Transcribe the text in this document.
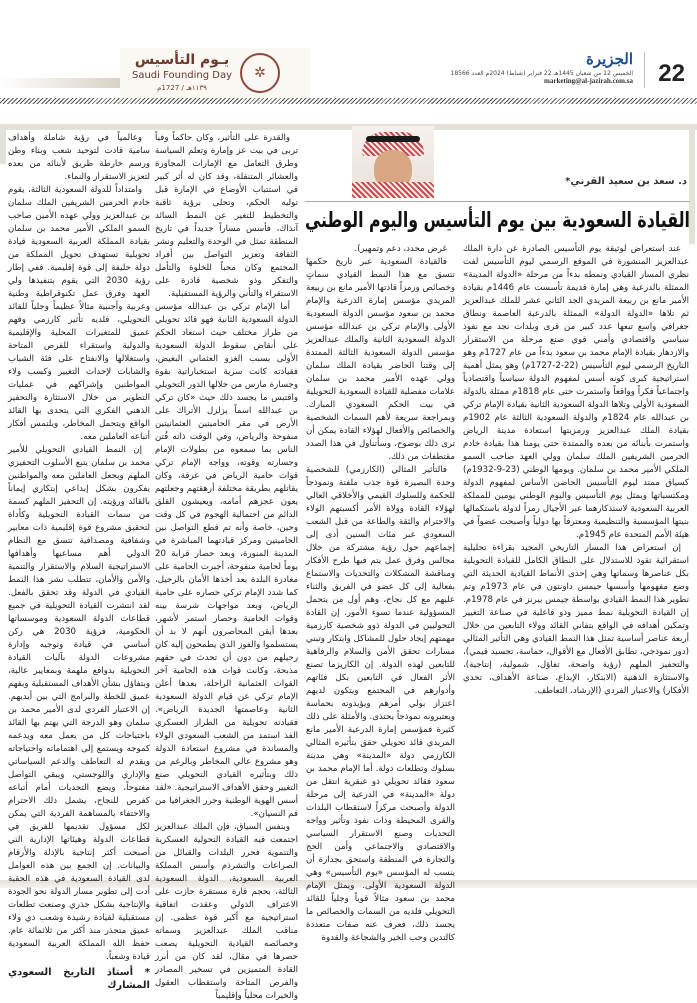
22
الجزيرة
الخميس 12 من شعبان 1445هـ 22 فبراير (شباط) 2024م العدد 18566
marketing@al-jazirah.com.sa
يـوم التأسيس
Saudi Founding Day
١١٣٩هـ / 1727م
✲
د. سعد بن سعيد القرني*
القيادة السعودية بين يوم التأسيس واليوم الوطني

عند استعراض لوثيقة يوم التأسيس الصادرة عن دارة الملك عبدالعزيز المنشورة في الموقع الرسمي ليوم التأسيس لفت نظري المسار القيادي ونمطه بدءاً من مرحلة «الدولة المدينة» الممثلة بالدرعية وهي إمارة قديمة تأسست عام 1446م بقيادة الأمير مانع بن ربيعة المريدي الجد الثاني عشر للملك عبدالعزيز ثم تلاها «الدولة الدولة» الممثلة بالدرعية العاصمة ونطاق جغرافي واسع تبعها عدد كبير من قرى وبلدات نجد مع نفوذ سياسي واقتصادي وأمني قوي صنع مرحلة من الاستقرار والازدهار بقيادة الإمام محمد بن سعود بدءاً من عام 1727م وهو التاريخ الرسمي ليوم التأسيس (22-2-1727م) وهو يمثل أهمية استراتيجية كبرى كونه أسس لمفهوم الدولة سياسياً واقتصادياً واجتماعياً فكراً وواقعاً واستمرت حتى عام 1818م ممثلة بالدولة السعودية الأولى وتلاها الدولة السعودية الثانية بقيادة الإمام تركي بن عبدالله عام 1824م والدولة السعودية الثالثة عام 1902م بقيادة الملك عبدالعزيز ورمزيتها استعادة مدينة الرياض واستمرت بأبنائه من بعده والممتدة حتى يومنا هذا بقيادة خادم الحرمين الشريفين الملك سلمان وولي العهد صاحب السمو الملكي الأمير محمد بن سلمان. ويومها الوطني (23-9-1932م) كسياق ممتد ليوم التأسيس الحاضن الأساس لمفهوم الدولة ومكتسباتها ويمثل يوم التأسيس واليوم الوطني يومين للمملكة العربية السعودية لاستذكارهما عبر الأجيال رمزاً لدولة باستكمالها بنيتها المؤسسية والتنظيمية ومعترفاً بها دولياً وأصبحت عضواً في هيئة الأمم المتحدة عام 1945م.

إن استعراض هذا المسار التاريخي المجيد بقراءة تحليلية استقرائية تقود للاستدلال على النطاق الكامل للقيادة التحويلية بكل عناصرها وسماتها وهي إحدى الأنماط القيادية الحديثة التي وضع مفهومها وأسسها جيمس داونتون في عام 1973م وتم تطوير هذا النمط القيادي بواسطة جيمس بيرنز في عام 1978م. إن القيادة التحويلية نمط مميز وذو فاعلية في صناعة التغيير وتمكين أهدافه في الواقع بتفاني القائد وولاء التابعين من خلال أربعة عناصر أساسية تمثل هذا النمط القيادي وهي التأثير المثالي (دور نموذجي، تطابق الأفعال مع الأقوال، حماسة، تجسيد قيمي)، والتحفيز الملهم (رؤية واضحة، تفاؤل، شمولية، إنتاجية)، والاستثارة الذهنية (الابتكار، الإبداع، صناعة الأهداف، تحدي الأفكار) والاعتبار الفردي (الإرشاد، التعاطف.

غرض محدد، دعم وتمهير).

فالقيادة السعودية عبر تاريخ حكمها تتسق مع هذا النمط القيادي سماتٍ وخصائص ورمزاً قادتها الأمير مانع بن ربيعة المريدي مؤسس إمارة الدرعية والإمام محمد بن سعود مؤسس الدولة السعودية الأولى والإمام تركي بن عبدالله مؤسس الدولة السعودية الثانية والملك عبدالعزيز مؤسس الدولة السعودية الثالثة الممتدة إلى وقتنا الحاضر بقيادة الملك سلمان وولي عهده الأمير محمد بن سلمان علامات مفصلية للقيادة السعودية التحويلية في بيت الحكم السعودي المبارك. وبمراجعة سريعة لأهم السمات الشخصية والخصائص والأفعال لهؤلاء القادة يمكن أن ترى ذلك بوضوح، وسأتناول في هذا الصدد مقتطفات من ذلك.

فالتأثير المثالي (الكارزمي) للشخصية وحدة البصيرة قوة جذب ملفتة ونموذجاً للحكمة وللسلوك القيمي والأخلاقي العالي لهؤلاء القادة وولاة الأمر أكسبتهم الولاء والاحترام والثقة والطاعة من قبل الشعب السعودي عبر مئات السنين أدى إلى إجماعهم حول رؤية مشتركة من خلال مجالس وفرق عمل يتم فيها طرح الأفكار ومناقشة المشكلات والتحديات والاستماع بفعالية إلى كل عضو في الفريق والثناء عليهم مع كل نجاح، وهم أول من يتحمل المسؤولية عندما تسوء الأمور. إن القادة التحوليين في الدولة ذوو شخصية كارزمية مهمتهم إيجاد حلول للمشاكل وابتكار وتبني مسارات تحقق الأمن والسلام والرفاهية للتابعين لهذه الدولة. إن الكاريزما تصنع الأثر الفعال في التابعين بكل فئاتهم وأدوارهم في المجتمع ويتكون لديهم اعتزاز بولي أمرهم ويؤيدونه بحماسة ويعتبرونه نموذجاً يحتذى. والأمثلة على ذلك كثيرة فمؤسس إمارة الدرعية الأمير مانع المريدي قائد تحويلي حقق بتأثيره المثالي الكارزمي دولة «المدينة» وهي مدينة بسلوك وتطلعات دولة. أما الإمام محمد بن سعود فقائد تحويلي ذو عبقرية انتقل من دولة «المدينة» في الدرعية إلى مرحلة الدولة وأصبحت مركزاً لاستقطاب البلدات والقرى المحيطة وذات نفوذ وتأثير وواجه التحديات وصنع الاستقرار السياسي والاقتصادي والاجتماعي وأمن الحج والتجارة في المنطقة واستحق بجدارة أن ينسب له المؤسس «يوم التأسيس» وهي الدولة السعودية الأولى. ويمثل الإمام محمد بن سعود مثالاً قوياً وجلياً للقائد التحويلي فلديه من السمات والخصائص ما يجسد ذلك، فعرف عنه صفات متعددة كالتدين وحب الخير والشجاعة والقدوة

والقدرة على التأثير، وكان حاكماً وفياً تربى في بيت عز وإمارة وتعلم السياسة وطرق التعامل مع الإمارات المجاورة والعشائر المتنقلة، وقد كان له أثر كبير في استتباب الأوضاع في الإمارة قبل توليه الحكم، وتحلى برؤية ثاقبة والتخطيط للتغير عن النمط السائد آنذاك، فأسس مساراً جديداً في تاريخ المنطقة تمثل في الوحدة والتعليم ونشر الثقافة وتعزيز التواصل بين أفراد المجتمع وكان محباً للخلوة والتأمل والتفكر وذو شخصية قادرة على الاستقراء والتأني والرؤية المستقبلية.

أما الإمام تركي بن عبدالله مؤسس الدولة السعودية الثانية فهو قائد تحويلي من طراز مختلف حيث استعاد الحكم على أنقاض سقوط الدولة السعودية الأولى بسبب الغزو العثماني البغيض، فقيادته كانت سرية استخباراتية بقوة وجسارة مارس من خلالها الدور التحويلي واقتبس ما يجسد ذلك حيث «كان تركي بن عبدالله اسماً يزلزل الأتراك على الأرض في مقر الحاميتين العثمانيتين منفوحة والرياض، وفي الوقت ذاته فُتن الناس بما سمعوه من بطولات الإمام وجسارته وقوته، وواجه الإمام تركي قوات حامية الرياض في عرقة، وكان يقاتلهم بطريقة مختلفة أرهقتهم وجعلتهم يعون عجزهم أمامه، ويعيشون القلق الدائم من احتمالية الهجوم في كل وقت وحين، خاصة وأنه تم قطع التواصل بين الحاميتين ومركز قيادتهما المباشرة في المدينة المنورة، وبعد حصار قرابة 20 يوماً لحامية منفوحة، أجبرت الحامية على مغادرة البلدة بعد أخذها الأمان بالرحيل، كما شدد الإمام تركي حصاره على حامية الرياض، وبعد مواجهات شرسة بينه وقوات الحامية وحصار استمر لأشهر، بعدها أيقن المحاصرون أنهم لا بد أن يستسلموا والفوز الذي يطمحون إليه كان رحيلهم من دون أن تحدث في حقهم مذبحة، وكانت قوات هذه الحامية آخر القوات العثمانية الراحلة، بعدها أعلن الإمام تركي عن قيام الدولة السعودية الثانية وعاصمتها الجديدة الرياض». فقيادته تحويلية من الطراز العسكري الفذ استمد من الشعب السعودي الولاء والمساندة في مشروع استعادة الدولة وهو مشروع عالي المخاطر وبالرغم من ذلك وبتأثيره القيادي التحويلي صنع التغيير وحقق الأهداف الاستراتيجية. «لقد أسس الهوية الوطنية وحرر الجغرافيا من فم النسيان».

وبنفس السياق، فإن الملك عبدالعزيز اجتمعت فيه القيادة التحولية العسكرية والتنموية فحرر البلدات والقبائل من الصراعات والتشرذم وأسس المملكة العربية السعودية، الدولة السعودية الثالثة، بحجم قارة مستقرة حازت على الاعتراف الدولي وعقدت اتفاقية استراتيجية مع أكبر قوة عظمى. إن مناقب الملك عبدالعزيز وسماته وخصائصه القيادية التحويلية يصعب حصرها في مقال، لقد كان من أبرز القادة المتميزين في تسخير المصادر والفرص المتاحة واستقطاب العقول والخبرات محلياً وإقليمياً

وعالمياً في رؤية شاملة وأهداف سامية قادت لتوحيد شعب وبناء وطن ورسم خارطة طريق لأبنائه من بعده لتعزيز الاستقرار والنماء.

وامتداداً للدولة السعودية الثالثة، يقوم خادم الحرمين الشريفين الملك سلمان بن عبدالعزيز وولي عهده الأمين صاحب السمو الملكي الأمير محمد بن سلمان بقيادة المملكة العربية السعودية قيادة تحويلية تستهدف تحويل المملكة من دولة حليفة إلى قوة إقليمية. ففي إطار رؤية 2030 التي يقوم بتنفيذها ولي العهد وفرق عمل تكنوقراطية وطنية وعربية وأجنبية مثالاً عظيماً وجلياً للقائد التحويلي، فلديه تأثير كارزمي وفهم عميق للمتغيرات المحلية والإقليمية والدولية واستقراء للفرص المتاحة واستغلالها والانفتاح على فئة الشباب والشابات لإحداث التغيير وكسب ولاء المواطنين وإشراكهم في عمليات التطوير من خلال الاستثارة والتحفيز الذهني الفكري التي يتحدى بها القائد الواقع ويتحمل المخاطر، ويلتمس أفكار أتباعه العاملين معه.

إن النمط القيادي التحويلي للأمير محمد بن سلمان يتبع الأسلوب التحفيزي الملهم ويجعل العاملين معه والمواطنين يفكرون بشكل إبداعي إبتكاري إيماناً بالقائد ورؤيته. إن التحفيز الملهم كسمة من سمات القيادة التحويلية وكأداة لتحقيق مشروع قوة إقليمية ذات معايير وشفافية ومصداقية تتسق مع النظام الدولي أهم مساعيها وأهدافها الاستراتيجية السلام والاستقرار والتنمية والأمن والأمان، تتطلب نشر هذا النمط القيادي في الدولة وقد تحقق بالفعل. لقد انتشرت القيادة التحويلية في جميع قطاعات الدولة السعودية وموسساتها الحكومية، فرؤية 2030 هي ركن أساسي في قيادة وتوجيه وإدارة مشروعات الدولة بآليات القيادة التحويلية بدوافع ملهمة وبمعايير عالية، وبتفاؤل بشأن الأهداف المستقبلية وبفهم عميق للخطة والبرامج التي بين أيديهم. إن الاعتبار الفردي لدى الأمير محمد بن سلمان وهو الدرجة التي يهتم بها القائد باحتياجات كل من يعمل معه ويدعمه كموجه ويستمع إلى اهتماماته واحتياجاته ويقدم له التعاطف والدعم السياساتي والإداري واللوجستي، ويبقي التواصل مفتوحاً، ويضع التحديات أمام أتباعه كفرص للنجاح، يشمل ذلك الاحترام والاحتفاء بالمساهمة الفردية التي يمكن لكل مسؤول تقديمها للفريق في قطاعات الدولة وهيئاتها الإدارية التي أصبحت أكثر إنتاجية بالإدلة والأرقام والبيانات. إن الجمع بين هذه العوامل لدى القيادة السعودية في هذه الحقبة أدت إلى تطوير مسار الدولة نحو الجودة والإنتاجية بشكل جذري وصنعت تطلعات مستقبلية لقيادة رشيدة وشعب ذي ولاء عميق متجذر منذ أكثر من ثلاثمائة عام. حفظ الله المملكة العربية السعودية قيادة وشعباً.

* أستاذ التاريخ السعودي المشارك
